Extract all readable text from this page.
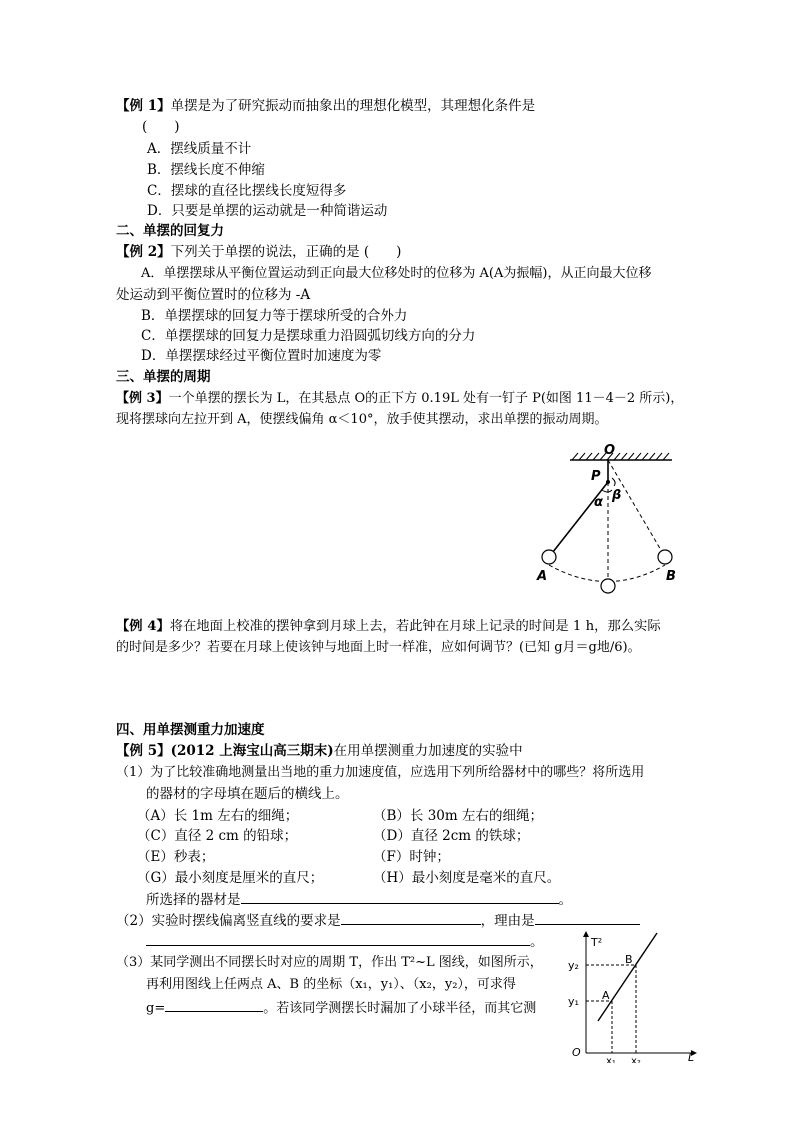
【例 1】单摆是为了研究振动而抽象出的理想化模型，其理想化条件是
(　　)
A．摆线质量不计
B．摆线长度不伸缩
C．摆球的直径比摆线长度短得多
D．只要是单摆的运动就是一种简谐运动
二、单摆的回复力
【例 2】下列关于单摆的说法，正确的是 (　　)
A．单摆摆球从平衡位置运动到正向最大位移处时的位移为 A(A为振幅)，从正向最大位移
处运动到平衡位置时的位移为 -A
B．单摆摆球的回复力等于摆球所受的合外力
C．单摆摆球的回复力是摆球重力沿圆弧切线方向的分力
D．单摆摆球经过平衡位置时加速度为零
三、单摆的周期
【例 3】一个单摆的摆长为 L，在其悬点 O的正下方 0.19L 处有一钉子 P(如图 11－4－2 所示)，
现将摆球向左拉开到 A，使摆线偏角 α＜10°，放手使其摆动，求出单摆的振动周期。
O
P
α β
A	B
【例 4】将在地面上校准的摆钟拿到月球上去，若此钟在月球上记录的时间是 1 h，那么实际
的时间是多少？若要在月球上使该钟与地面上时一样准，应如何调节？(已知 g月＝g地/6)。
四、用单摆测重力加速度
【例 5】(2012 上海宝山高三期末)在用单摆测重力加速度的实验中
（1）为了比较准确地测量出当地的重力加速度值，应选用下列所给器材中的哪些？将所选用
的器材的字母填在题后的横线上。
（A）长 1m 左右的细绳；	（B）长 30m 左右的细绳；
（C）直径 2 cm 的铅球；	（D）直径 2cm 的铁球；
（E）秒表；	（F）时钟；
（G）最小刻度是厘米的直尺；	（H）最小刻度是毫米的直尺。
所选择的器材是	。
（2）实验时摆线偏离竖直线的要求是	，理由是
。
（3）某同学测出不同摆长时对应的周期 T，作出 T²~L 图线，如图所示，
再利用图线上任两点 A、B 的坐标（x₁，y₁）、（x₂，y₂），可求得
g=	。若该同学测摆长时漏加了小球半径，而其它测
T²
L
O
y₂
y₁
x₁ x₂
A
B
